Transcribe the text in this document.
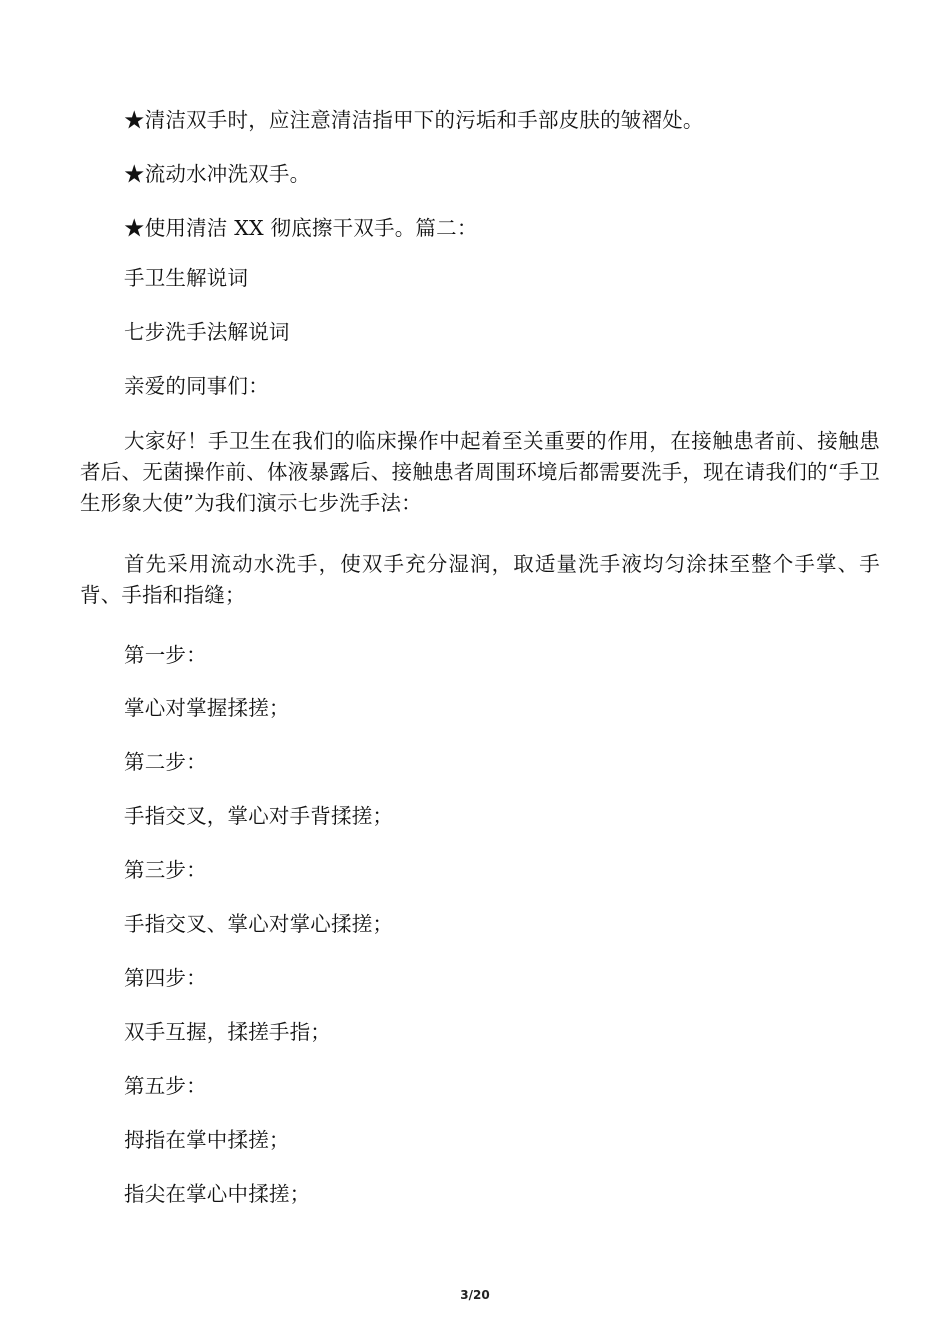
★清洁双手时，应注意清洁指甲下的污垢和手部皮肤的皱褶处。
★流动水冲洗双手。
★使用清洁 XX 彻底擦干双手。篇二：
手卫生解说词
七步洗手法解说词
亲爱的同事们：
大家好！手卫生在我们的临床操作中起着至关重要的作用，在接触患者前、接触患者后、无菌操作前、体液暴露后、接触患者周围环境后都需要洗手，现在请我们的“手卫生形象大使”为我们演示七步洗手法：
首先采用流动水洗手，使双手充分湿润，取适量洗手液均匀涂抹至整个手掌、手背、手指和指缝；
第一步：
掌心对掌握揉搓；
第二步：
手指交叉，掌心对手背揉搓；
第三步：
手指交叉、掌心对掌心揉搓；
第四步：
双手互握，揉搓手指；
第五步：
拇指在掌中揉搓；
指尖在掌心中揉搓；
3/20
